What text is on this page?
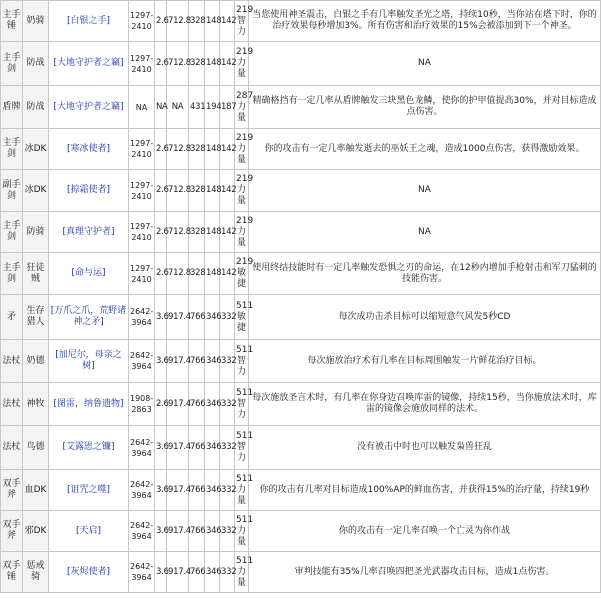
主手锤	奶骑	[白银之手]	1297-2410	2.6	712.8	328	148	142	219智力	当您使用神圣震击，白银之手有几率触发圣光之塔，持续10秒，当你站在塔下时，你的治疗效果每秒增加3%。所有伤害和治疗效果的15%会被添加到下一个神圣。
主手剑	防战	[大地守护者之竊]	1297-2410	2.6	712.8	328	148	142	219力量	NA
盾牌	防战	[大地守护者之竊]	NA	NA	NA	431	194	187	287力量	精确格挡有一定几率从盾牌触发三块黑色龙鳞，使你的护甲值提高30%，并对目标造成点伤害。
主手剑	冰DK	[寒冰使者]	1297-2410	2.6	712.8	328	148	142	219力量	你的攻击有一定几率触发逝去的巫妖王之魂，造成1000点伤害，获得激励效果。
副手剑	冰DK	[掠霜使者]	1297-2410	2.6	712.8	328	148	142	219力量	NA
主手剑	防骑	[真理守护者]	1297-2410	2.6	712.8	328	148	142	219力量	NA
主手剑	狂徒贼	[命与运]	1297-2410	2.6	712.8	328	148	142	219敏捷	使用终结技能时有一定几率触发恐惧之刃的命运，在12秒内增加手枪射击和军刀猛刺的技能伤害。
矛	生存猎人	[万爪之爪，荒野诸神之矛]	2642-3964	3.6	917.4	766	346	332	511敏捷	每次成功击杀目标可以缩短意气风发5秒CD
法杖	奶德	[加尼尔，母亲之树]	2642-3964	3.6	917.4	766	346	332	511智力	每次施放治疗术有几率在目标周围触发一片鲜花治疗目标。
法杖	神牧	[图雷，纳鲁遗物]	1908-2863	2.6	917.4	766	346	332	511智力	每次施放圣言术时，有几率在你身边召唤库雷的镜像，持续15秒，当你施放法术时，库雷的镜像会施放同样的法术。
法杖	鸟德	[艾露恩之镰]	2642-3964	3.6	917.4	766	346	332	511智力	没有被击中时也可以触发枭兽狂乱
双手斧	血DK	[诅咒之噬]	2642-3964	3.6	917.4	766	346	332	511力量	你的攻击有几率对目标造成100%AP的鲜血伤害，并获得15%的治疗量，持续19秒
双手斧	邪DK	[天启]	2642-3964	3.6	917.4	766	346	332	511力量	你的攻击有一定几率召唤一个亡灵为你作战
双手锤	惩戒骑	[灰烬使者]	2642-3964	3.6	917.4	766	346	332	511力量	审判技能有35%几率召唤四把圣光武器攻击目标，造成1点伤害。
